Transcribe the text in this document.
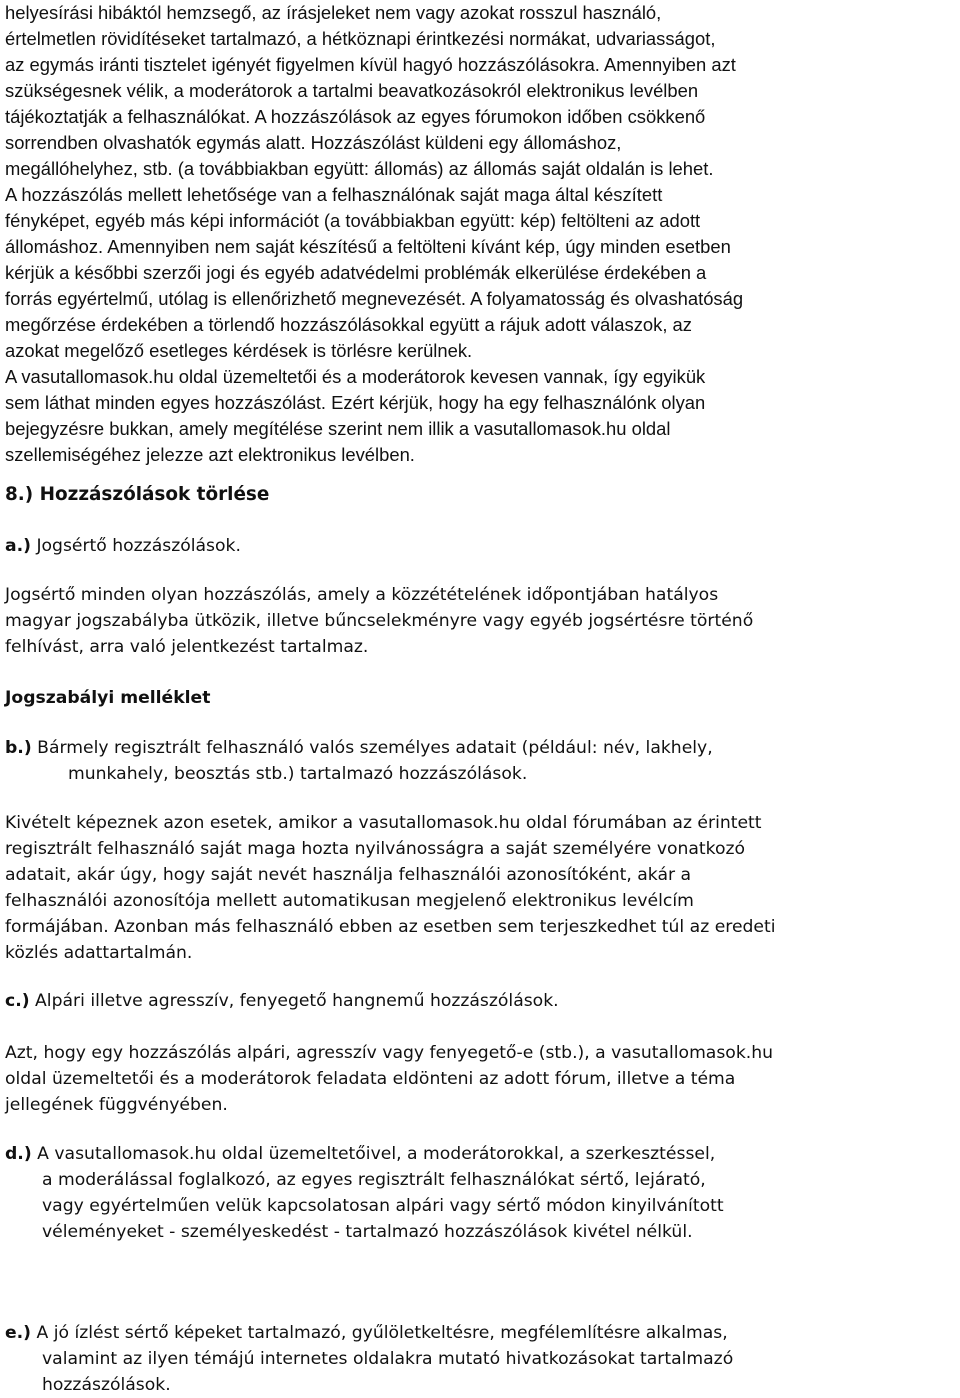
helyesírási hibáktól hemzsegő, az írásjeleket nem vagy azokat rosszul használó,
értelmetlen rövidítéseket tartalmazó, a hétköznapi érintkezési normákat, udvariasságot,
az egymás iránti tisztelet igényét figyelmen kívül hagyó hozzászólásokra. Amennyiben azt
szükségesnek vélik, a moderátorok a tartalmi beavatkozásokról elektronikus levélben
tájékoztatják a felhasználókat. A hozzászólások az egyes fórumokon időben csökkenő
sorrendben olvashatók egymás alatt. Hozzászólást küldeni egy állomáshoz,
megállóhelyhez, stb. (a továbbiakban együtt: állomás) az állomás saját oldalán is lehet.
A hozzászólás mellett lehetősége van a felhasználónak saját maga által készített
fényképet, egyéb más képi információt (a továbbiakban együtt: kép) feltölteni az adott
állomáshoz. Amennyiben nem saját készítésű a feltölteni kívánt kép, úgy minden esetben
kérjük a későbbi szerzői jogi és egyéb adatvédelmi problémák elkerülése érdekében a
forrás egyértelmű, utólag is ellenőrizhető megnevezését. A folyamatosság és olvashatóság
megőrzése érdekében a törlendő hozzászólásokkal együtt a rájuk adott válaszok, az
azokat megelőző esetleges kérdések is törlésre kerülnek.
A vasutallomasok.hu oldal üzemeltetői és a moderátorok kevesen vannak, így egyikük
sem láthat minden egyes hozzászólást. Ezért kérjük, hogy ha egy felhasználónk olyan
bejegyzésre bukkan, amely megítélése szerint nem illik a vasutallomasok.hu oldal
szellemiségéhez jelezze azt elektronikus levélben.
8.) Hozzászólások törlése
a.) Jogsértő hozzászólások.
Jogsértő minden olyan hozzászólás, amely a közzétételének időpontjában hatályos
magyar jogszabályba ütközik, illetve bűncselekményre vagy egyéb jogsértésre történő
felhívást, arra való jelentkezést tartalmaz.
Jogszabályi melléklet
b.) Bármely regisztrált felhasználó valós személyes adatait (például: név, lakhely,
munkahely, beosztás stb.) tartalmazó hozzászólások.
Kivételt képeznek azon esetek, amikor a vasutallomasok.hu oldal fórumában az érintett
regisztrált felhasználó saját maga hozta nyilvánosságra a saját személyére vonatkozó
adatait, akár úgy, hogy saját nevét használja felhasználói azonosítóként, akár a
felhasználói azonosítója mellett automatikusan megjelenő elektronikus levélcím
formájában. Azonban más felhasználó ebben az esetben sem terjeszkedhet túl az eredeti
közlés adattartalmán.
c.) Alpári illetve agresszív, fenyegető hangnemű hozzászólások.
Azt, hogy egy hozzászólás alpári, agresszív vagy fenyegető-e (stb.), a vasutallomasok.hu
oldal üzemeltetői és a moderátorok feladata eldönteni az adott fórum, illetve a téma
jellegének függvényében.
d.) A vasutallomasok.hu oldal üzemeltetőivel, a moderátorokkal, a szerkesztéssel,
a moderálással foglalkozó, az egyes regisztrált felhasználókat sértő, lejárató,
vagy egyértelműen velük kapcsolatosan alpári vagy sértő módon kinyilvánított
véleményeket - személyeskedést - tartalmazó hozzászólások kivétel nélkül.
e.) A jó ízlést sértő képeket tartalmazó, gyűlöletkeltésre, megfélemlítésre alkalmas,
valamint az ilyen témájú internetes oldalakra mutató hivatkozásokat tartalmazó
hozzászólások.
